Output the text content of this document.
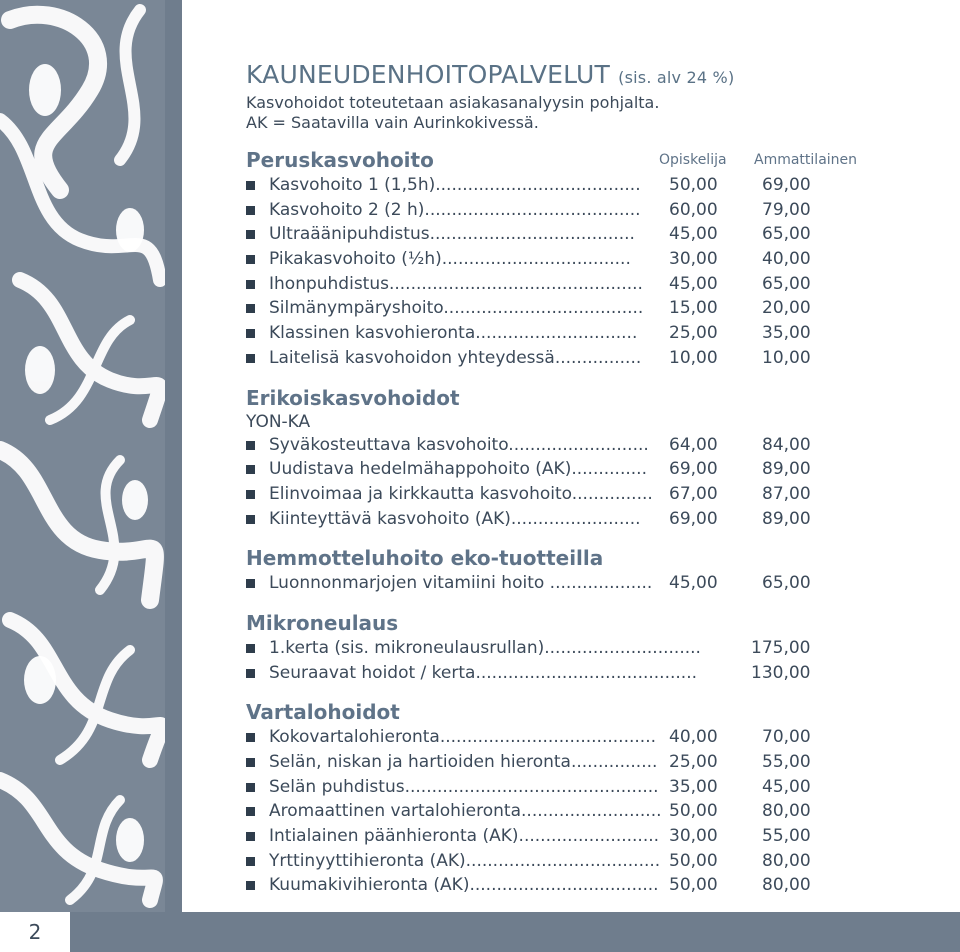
2
KAUNEUDENHOITOPALVELUT (sis. alv 24 %)
Kasvohoidot toteutetaan asiakasanalyysin pohjalta.
AK = Saatavilla vain Aurinkokivessä.
Peruskasvohoito	Opiskelija Ammattilainen
Kasvohoito 1 (1,5h)...................................... 50,00	69,00
Kasvohoito 2 (2 h)........................................ 60,00	79,00
Ultraäänipuhdistus...................................... 45,00	65,00
Pikakasvohoito (½h)................................... 30,00	40,00
Ihonpuhdistus............................................... 45,00	65,00
Silmänympäryshoito..................................... 15,00	20,00
Klassinen kasvohieronta.............................. 25,00	35,00
Laitelisä kasvohoidon yhteydessä................ 10,00	10,00
Erikoiskasvohoidot
YON-KA
Syväkosteuttava kasvohoito.......................... 64,00	84,00
Uudistava hedelmähappohoito (AK).............. 69,00	89,00
Elinvoimaa ja kirkkautta kasvohoito............... 67,00	87,00
Kiinteyttävä kasvohoito (AK)........................ 69,00	89,00
Hemmotteluhoito eko-tuotteilla
Luonnonmarjojen vitamiini hoito ................... 45,00	65,00
Mikroneulaus
1.kerta (sis. mikroneulausrullan).............................	175,00
Seuraavat hoidot / kerta.........................................	130,00
Vartalohoidot
Kokovartalohieronta........................................ 40,00	70,00
Selän, niskan ja hartioiden hieronta................ 25,00	55,00
Selän puhdistus............................................... 35,00	45,00
Aromaattinen vartalohieronta.......................... 50,00	80,00
Intialainen päänhieronta (AK).......................... 30,00	55,00
Yrttinyyttihieronta (AK).................................... 50,00	80,00
Kuumakivihieronta (AK)................................... 50,00	80,00
